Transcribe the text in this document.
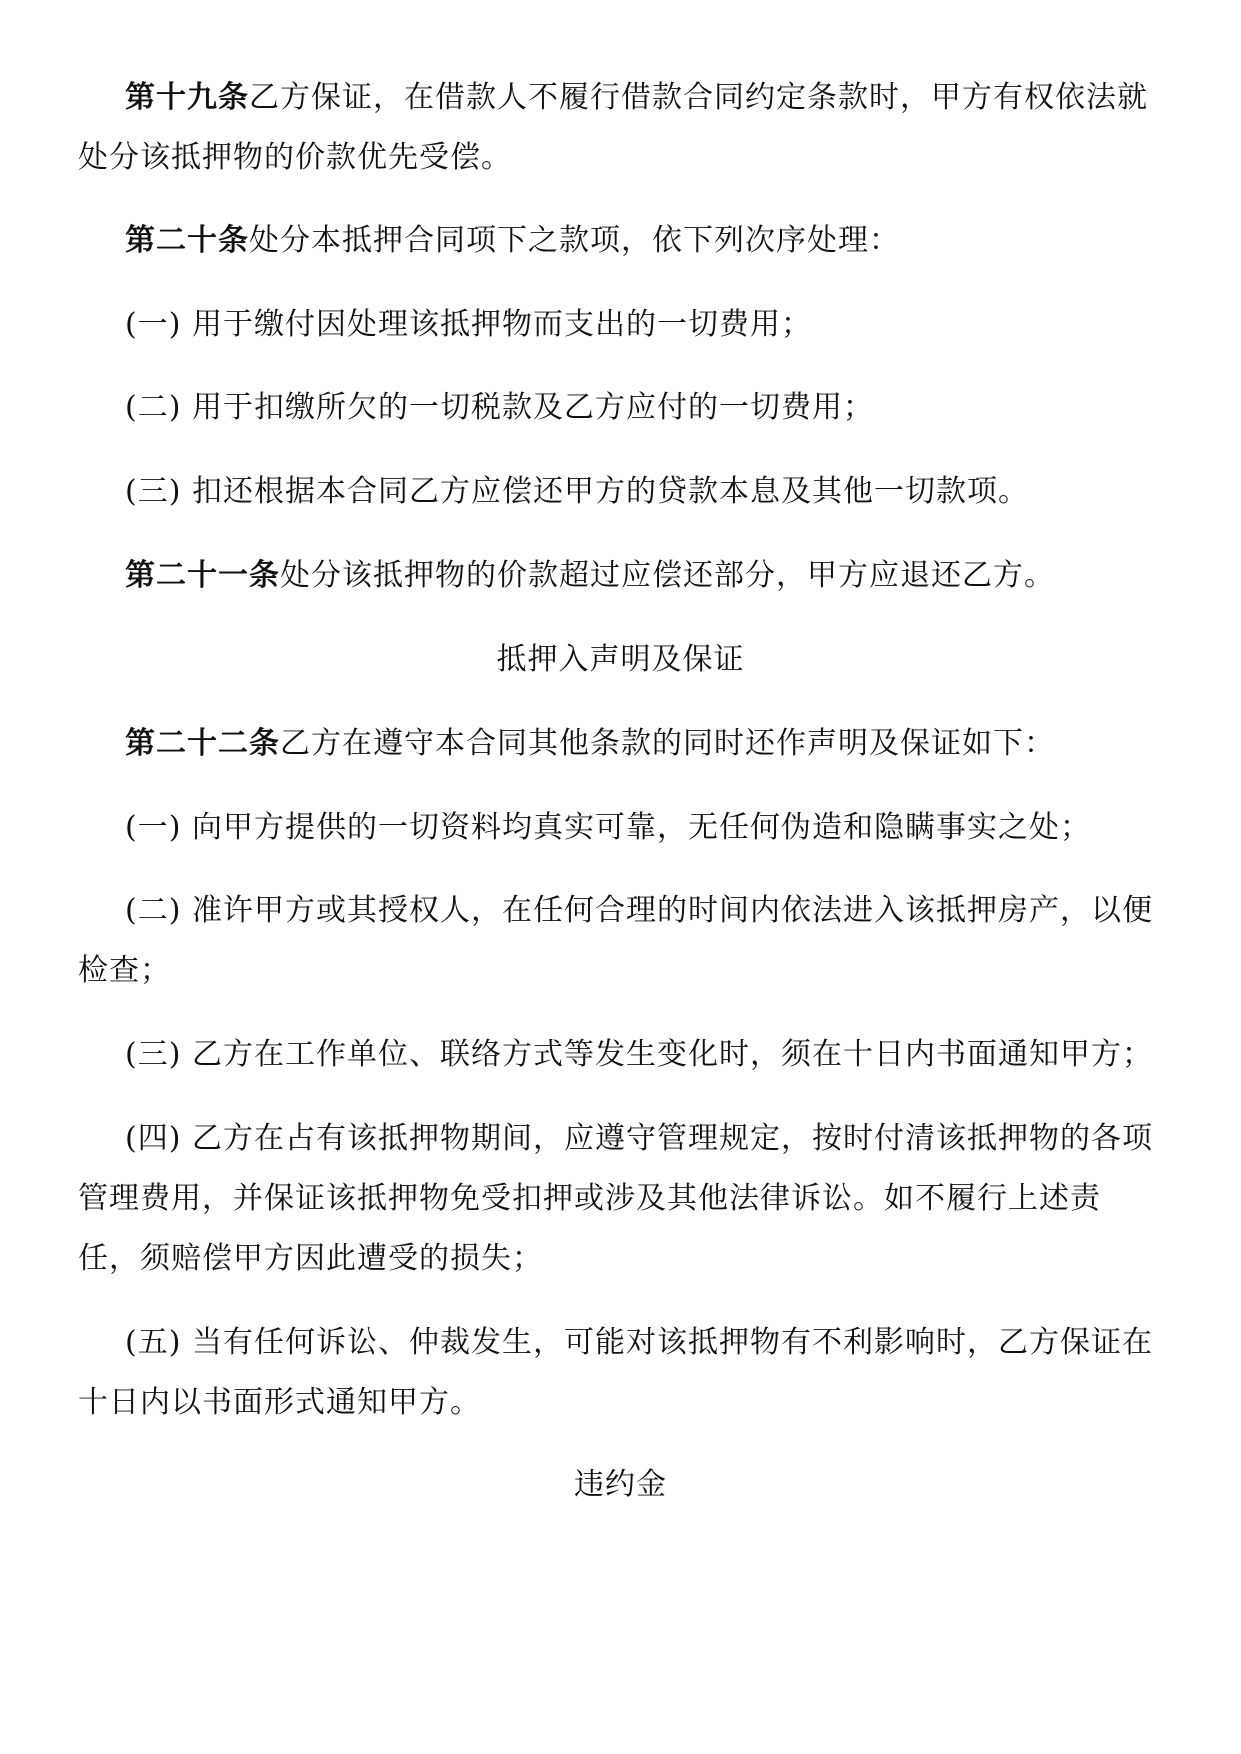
第十九条乙方保证，在借款人不履行借款合同约定条款时，甲方有权依法就处分该抵押物的价款优先受偿。

第二十条处分本抵押合同项下之款项，依下列次序处理：

(一) 用于缴付因处理该抵押物而支出的一切费用；

(二) 用于扣缴所欠的一切税款及乙方应付的一切费用；

(三) 扣还根据本合同乙方应偿还甲方的贷款本息及其他一切款项。

第二十一条处分该抵押物的价款超过应偿还部分，甲方应退还乙方。

抵押入声明及保证

第二十二条乙方在遵守本合同其他条款的同时还作声明及保证如下：

(一) 向甲方提供的一切资料均真实可靠，无任何伪造和隐瞒事实之处；

(二) 准许甲方或其授权人，在任何合理的时间内依法进入该抵押房产，以便检查；

(三) 乙方在工作单位、联络方式等发生变化时，须在十日内书面通知甲方；

(四) 乙方在占有该抵押物期间，应遵守管理规定，按时付清该抵押物的各项管理费用，并保证该抵押物免受扣押或涉及其他法律诉讼。如不履行上述责任，须赔偿甲方因此遭受的损失；

(五) 当有任何诉讼、仲裁发生，可能对该抵押物有不利影响时，乙方保证在十日内以书面形式通知甲方。

违约金
